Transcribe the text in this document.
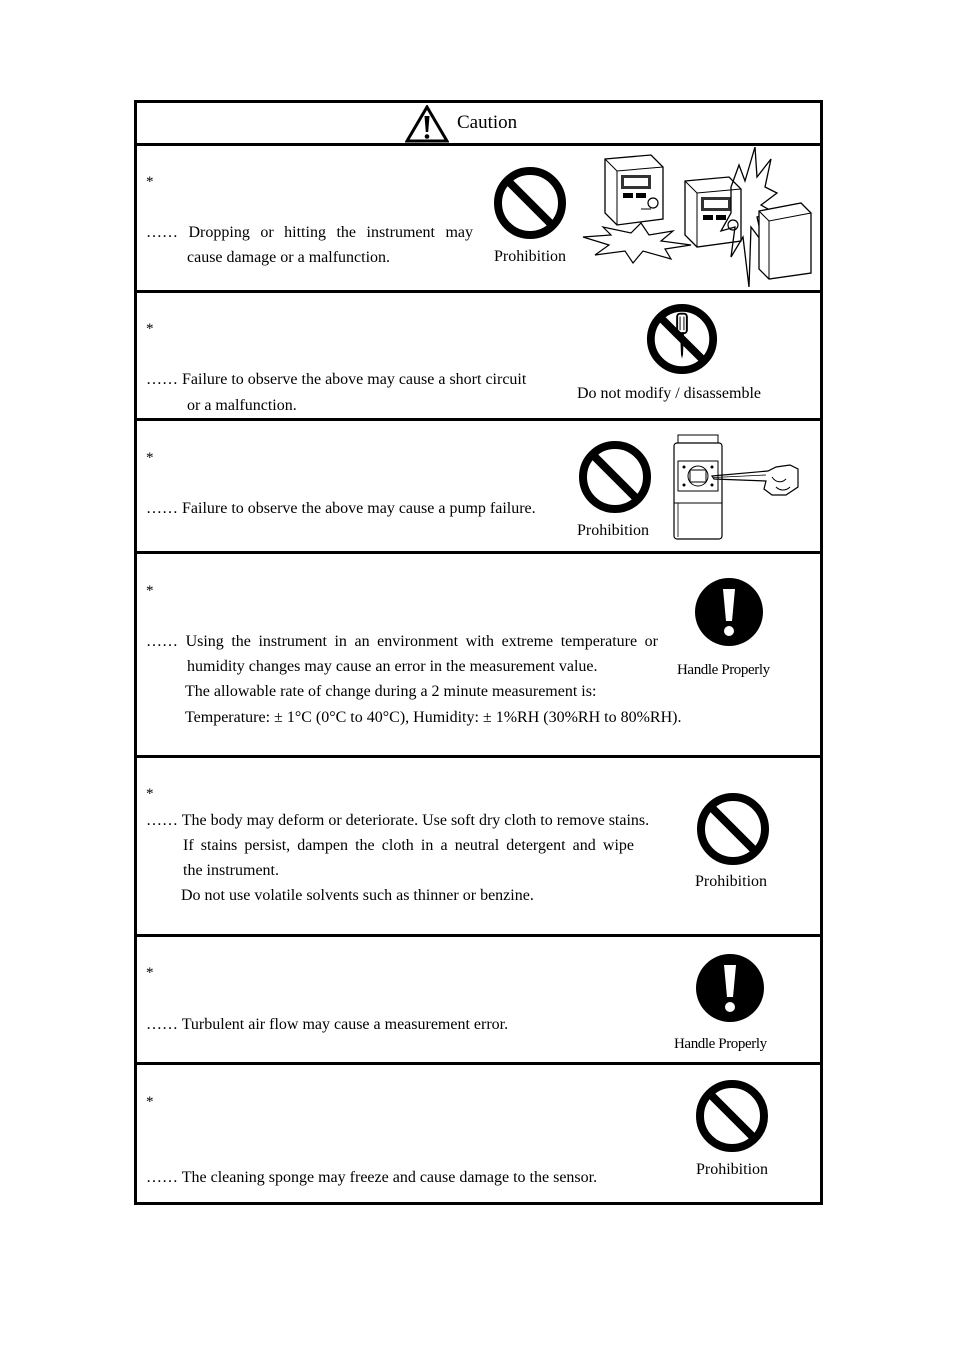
Caution
*
…… Dropping or hitting the instrument may
cause damage or a malfunction.	Prohibition
*
…… Failure to observe the above may cause a short circuit
or a malfunction.
Do not modify / disassemble
*
…… Failure to observe the above may cause a pump failure.
Prohibition
*
…… Using the instrument in an environment with extreme temperature or
humidity changes may cause an error in the measurement value.
The allowable rate of change during a 2 minute measurement is:
Temperature: ± 1°C (0°C to 40°C), Humidity: ± 1%RH (30%RH to 80%RH).
Handle Properly
*
…… The body may deform or deteriorate. Use soft dry cloth to remove stains.
If stains persist, dampen the cloth in a neutral detergent and wipe
the instrument.
Do not use volatile solvents such as thinner or benzine.
Prohibition
*
…… Turbulent air flow may cause a measurement error.
Handle Properly
*
…… The cleaning sponge may freeze and cause damage to the sensor.	Prohibition
